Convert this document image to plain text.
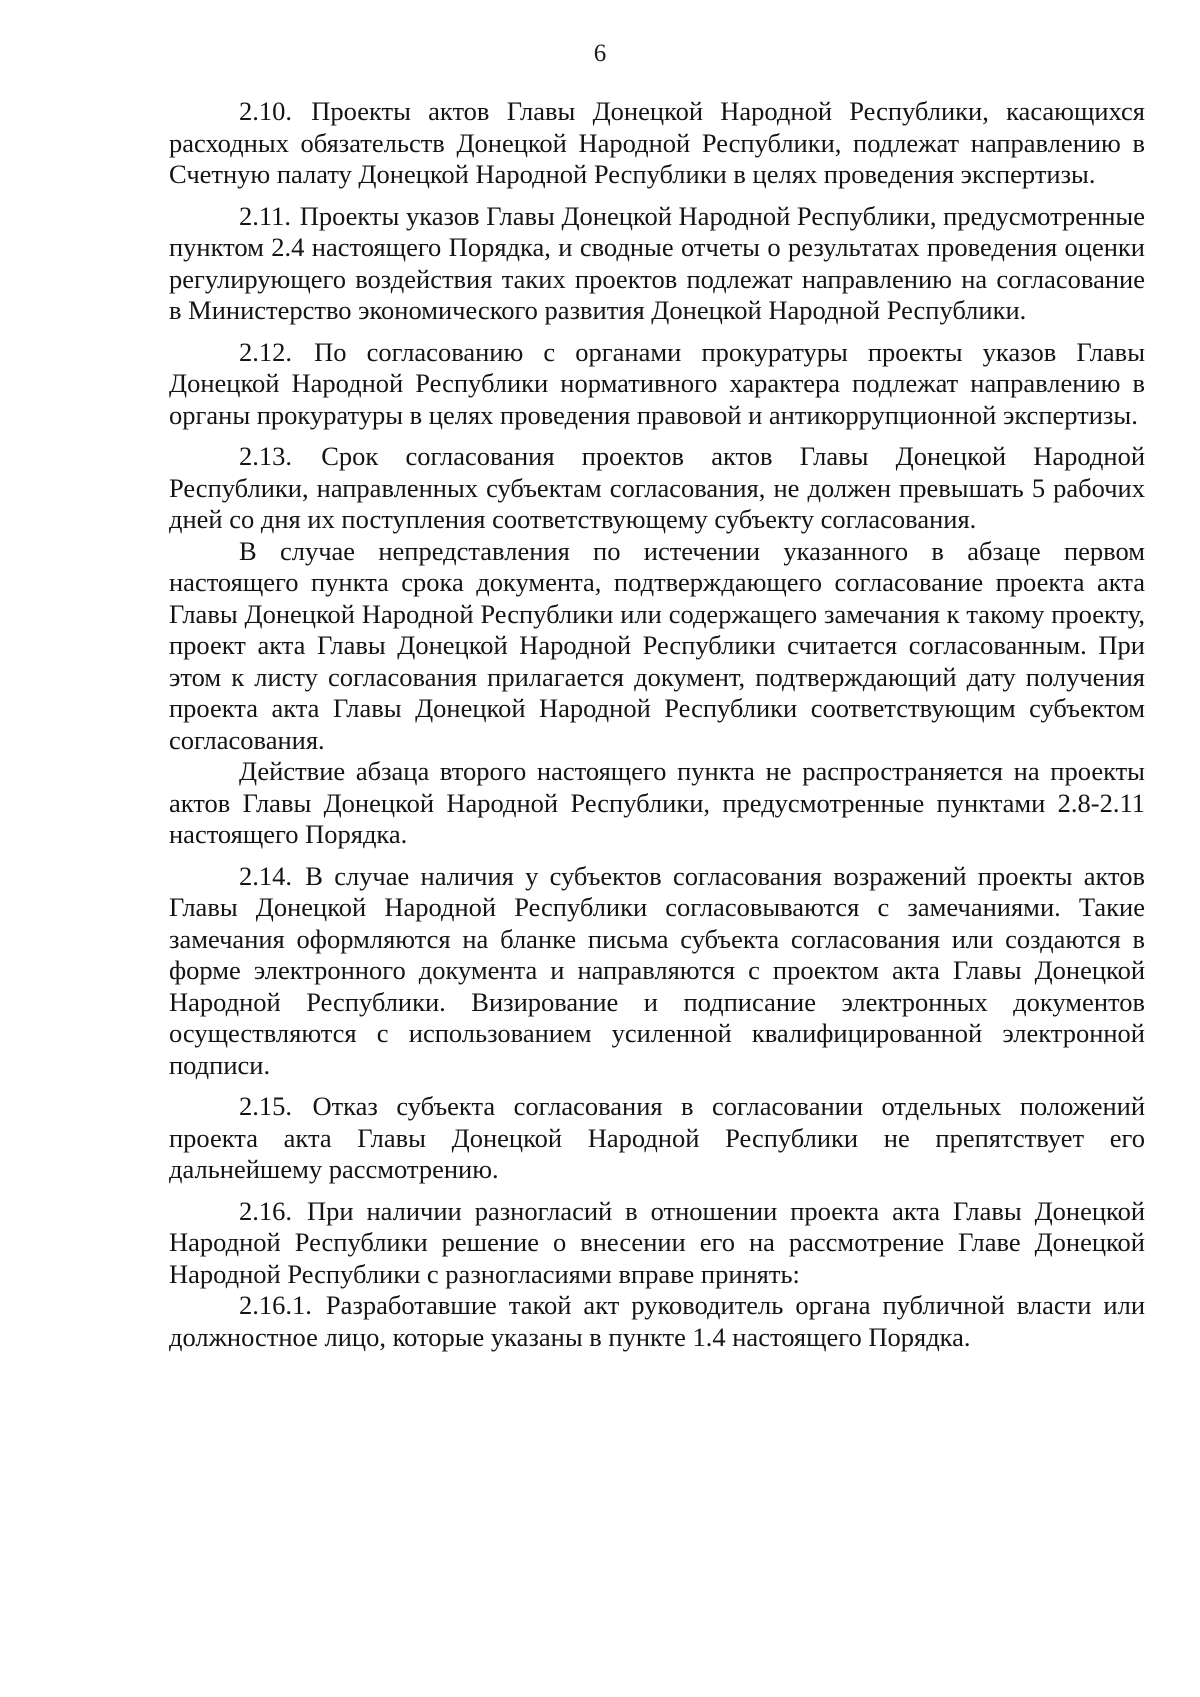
6

2.10. Проекты актов Главы Донецкой Народной Республики, касающихся расходных обязательств Донецкой Народной Республики, подлежат направлению в Счетную палату Донецкой Народной Республики в целях проведения экспертизы.

2.11. Проекты указов Главы Донецкой Народной Республики, предусмотренные пунктом 2.4 настоящего Порядка, и сводные отчеты о результатах проведения оценки регулирующего воздействия таких проектов подлежат направлению на согласование в Министерство экономического развития Донецкой Народной Республики.

2.12. По согласованию с органами прокуратуры проекты указов Главы Донецкой Народной Республики нормативного характера подлежат направлению в органы прокуратуры в целях проведения правовой и антикоррупционной экспертизы.

2.13. Срок согласования проектов актов Главы Донецкой Народной Республики, направленных субъектам согласования, не должен превышать 5 рабочих дней со дня их поступления соответствующему субъекту согласования.

В случае непредставления по истечении указанного в абзаце первом настоящего пункта срока документа, подтверждающего согласование проекта акта Главы Донецкой Народной Республики или содержащего замечания к такому проекту, проект акта Главы Донецкой Народной Республики считается согласованным. При этом к листу согласования прилагается документ, подтверждающий дату получения проекта акта Главы Донецкой Народной Республики соответствующим субъектом согласования.

Действие абзаца второго настоящего пункта не распространяется на проекты актов Главы Донецкой Народной Республики, предусмотренные пунктами 2.8-2.11 настоящего Порядка.

2.14. В случае наличия у субъектов согласования возражений проекты актов Главы Донецкой Народной Республики согласовываются с замечаниями. Такие замечания оформляются на бланке письма субъекта согласования или создаются в форме электронного документа и направляются с проектом акта Главы Донецкой Народной Республики. Визирование и подписание электронных документов осуществляются с использованием усиленной квалифицированной электронной подписи.

2.15. Отказ субъекта согласования в согласовании отдельных положений проекта акта Главы Донецкой Народной Республики не препятствует его дальнейшему рассмотрению.

2.16. При наличии разногласий в отношении проекта акта Главы Донецкой Народной Республики решение о внесении его на рассмотрение Главе Донецкой Народной Республики с разногласиями вправе принять:

2.16.1. Разработавшие такой акт руководитель органа публичной власти или должностное лицо, которые указаны в пункте 1.4 настоящего Порядка.
